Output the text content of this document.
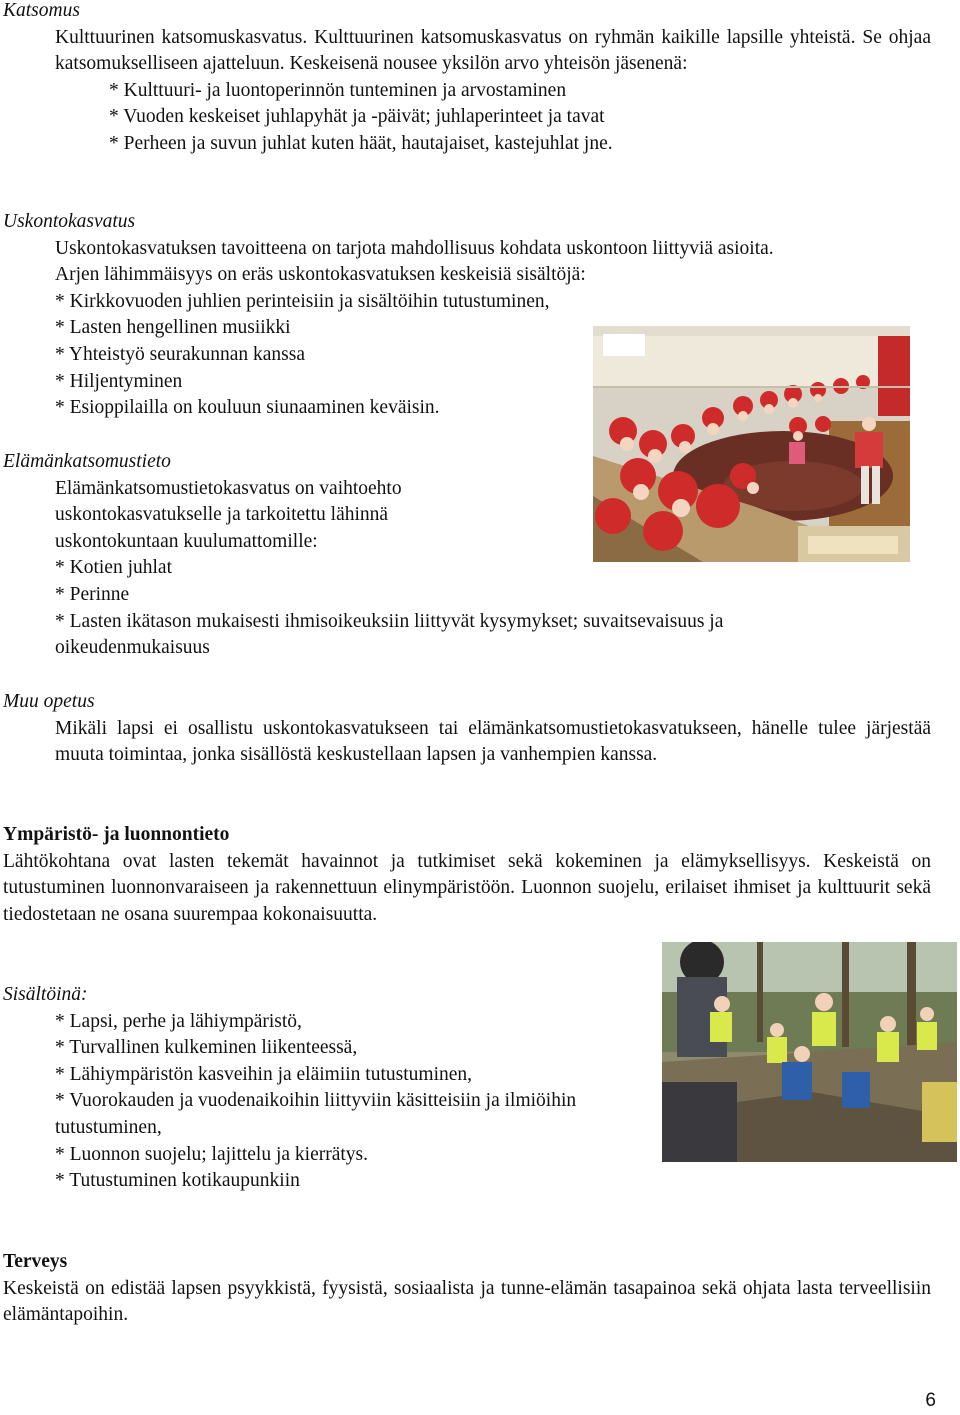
Katsomus

Kulttuurinen katsomuskasvatus. Kulttuurinen katsomuskasvatus on ryhmän kaikille lapsille yhteistä. Se ohjaa katsomukselliseen ajatteluun. Keskeisenä nousee yksilön arvo yhteisön jäsenenä:

* Kulttuuri- ja luontoperinnön tunteminen ja arvostaminen

* Vuoden keskeiset juhlapyhät ja -päivät; juhlaperinteet ja tavat

* Perheen ja suvun juhlat kuten häät, hautajaiset, kastejuhlat jne.

Uskontokasvatus

Uskontokasvatuksen tavoitteena on tarjota mahdollisuus kohdata uskontoon liittyviä asioita.

Arjen lähimmäisyys on eräs uskontokasvatuksen keskeisiä sisältöjä:

* Kirkkovuoden juhlien perinteisiin ja sisältöihin tutustuminen,

* Lasten hengellinen musiikki

* Yhteistyö seurakunnan kanssa

* Hiljentyminen

* Esioppilailla on kouluun siunaaminen keväisin.

Elämänkatsomustieto

Elämänkatsomustietokasvatus on vaihtoehto

uskontokasvatukselle ja tarkoitettu lähinnä

uskontokuntaan kuulumattomille:

* Kotien juhlat

* Perinne

* Lasten ikätason mukaisesti ihmisoikeuksiin liittyvät kysymykset; suvaitsevaisuus ja oikeudenmukaisuus

Muu opetus

Mikäli lapsi ei osallistu uskontokasvatukseen tai elämänkatsomustietokasvatukseen, hänelle tulee järjestää muuta toimintaa, jonka sisällöstä keskustellaan lapsen ja vanhempien kanssa.

Ympäristö- ja luonnontieto

Lähtökohtana ovat lasten tekemät havainnot ja tutkimiset sekä kokeminen ja elämyksellisyys. Keskeistä on tutustuminen luonnonvaraiseen ja rakennettuun elinympäristöön. Luonnon suojelu, erilaiset ihmiset ja kulttuurit sekä tiedostetaan ne osana suurempaa kokonaisuutta.

Sisältöinä:

* Lapsi, perhe ja lähiympäristö,

* Turvallinen kulkeminen liikenteessä,

* Lähiympäristön kasveihin ja eläimiin tutustuminen,

* Vuorokauden ja vuodenaikoihin liittyviin käsitteisiin ja ilmiöihin tutustuminen,

* Luonnon suojelu; lajittelu ja kierrätys.

* Tutustuminen kotikaupunkiin

Terveys

Keskeistä on edistää lapsen psyykkistä, fyysistä, sosiaalista ja tunne-elämän tasapainoa sekä ohjata lasta terveellisiin elämäntapoihin.

6
